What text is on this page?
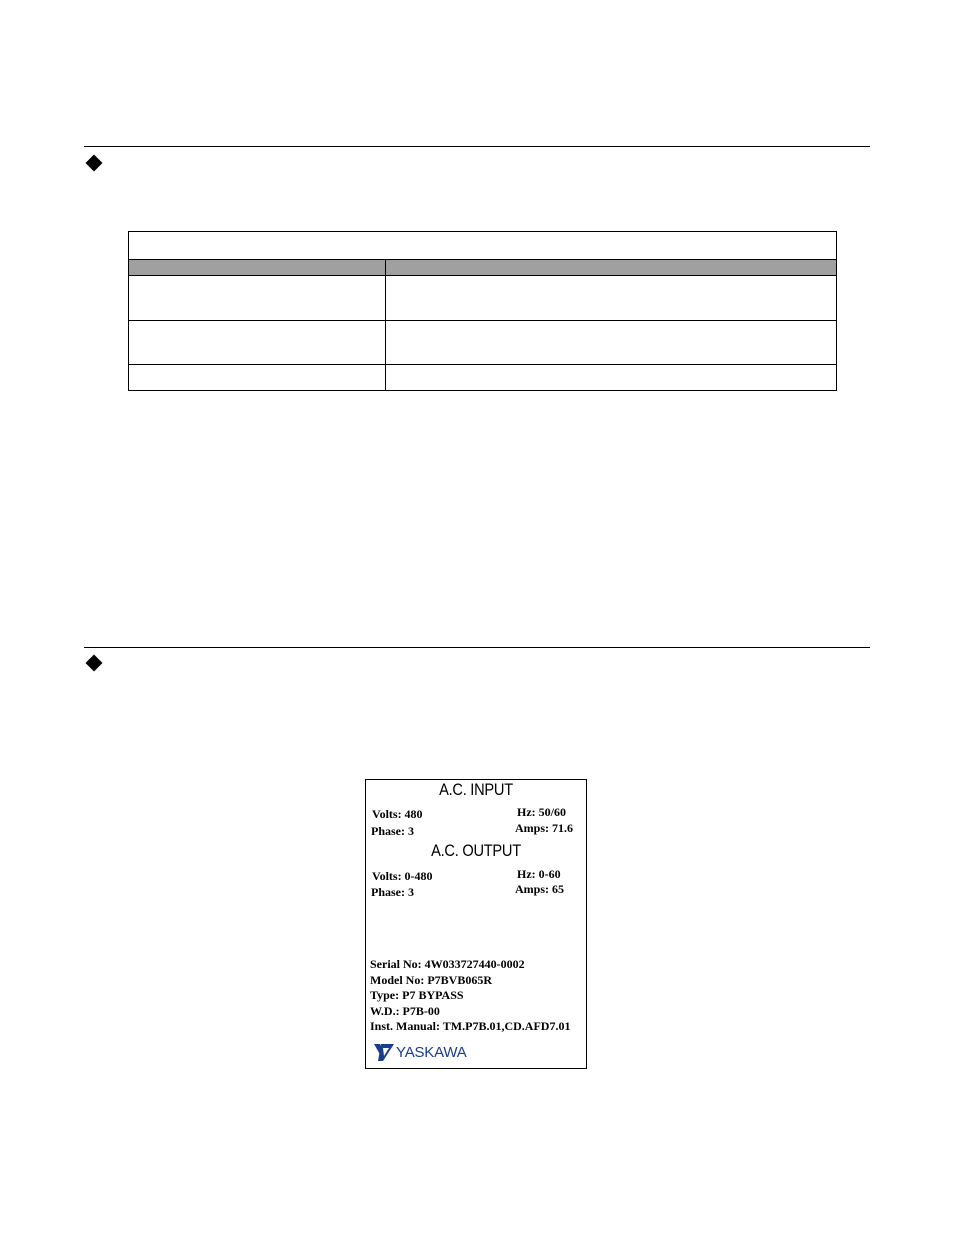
A.C. INPUT
Volts: 480
Phase: 3
Hz: 50/60
Amps: 71.6
A.C. OUTPUT
Volts: 0-480
Phase: 3
Hz: 0-60
Amps: 65
Serial No: 4W033727440-0002
Model No: P7BVB065R
Type: P7 BYPASS
W.D.: P7B-00
Inst. Manual: TM.P7B.01,CD.AFD7.01
YASKAWA
